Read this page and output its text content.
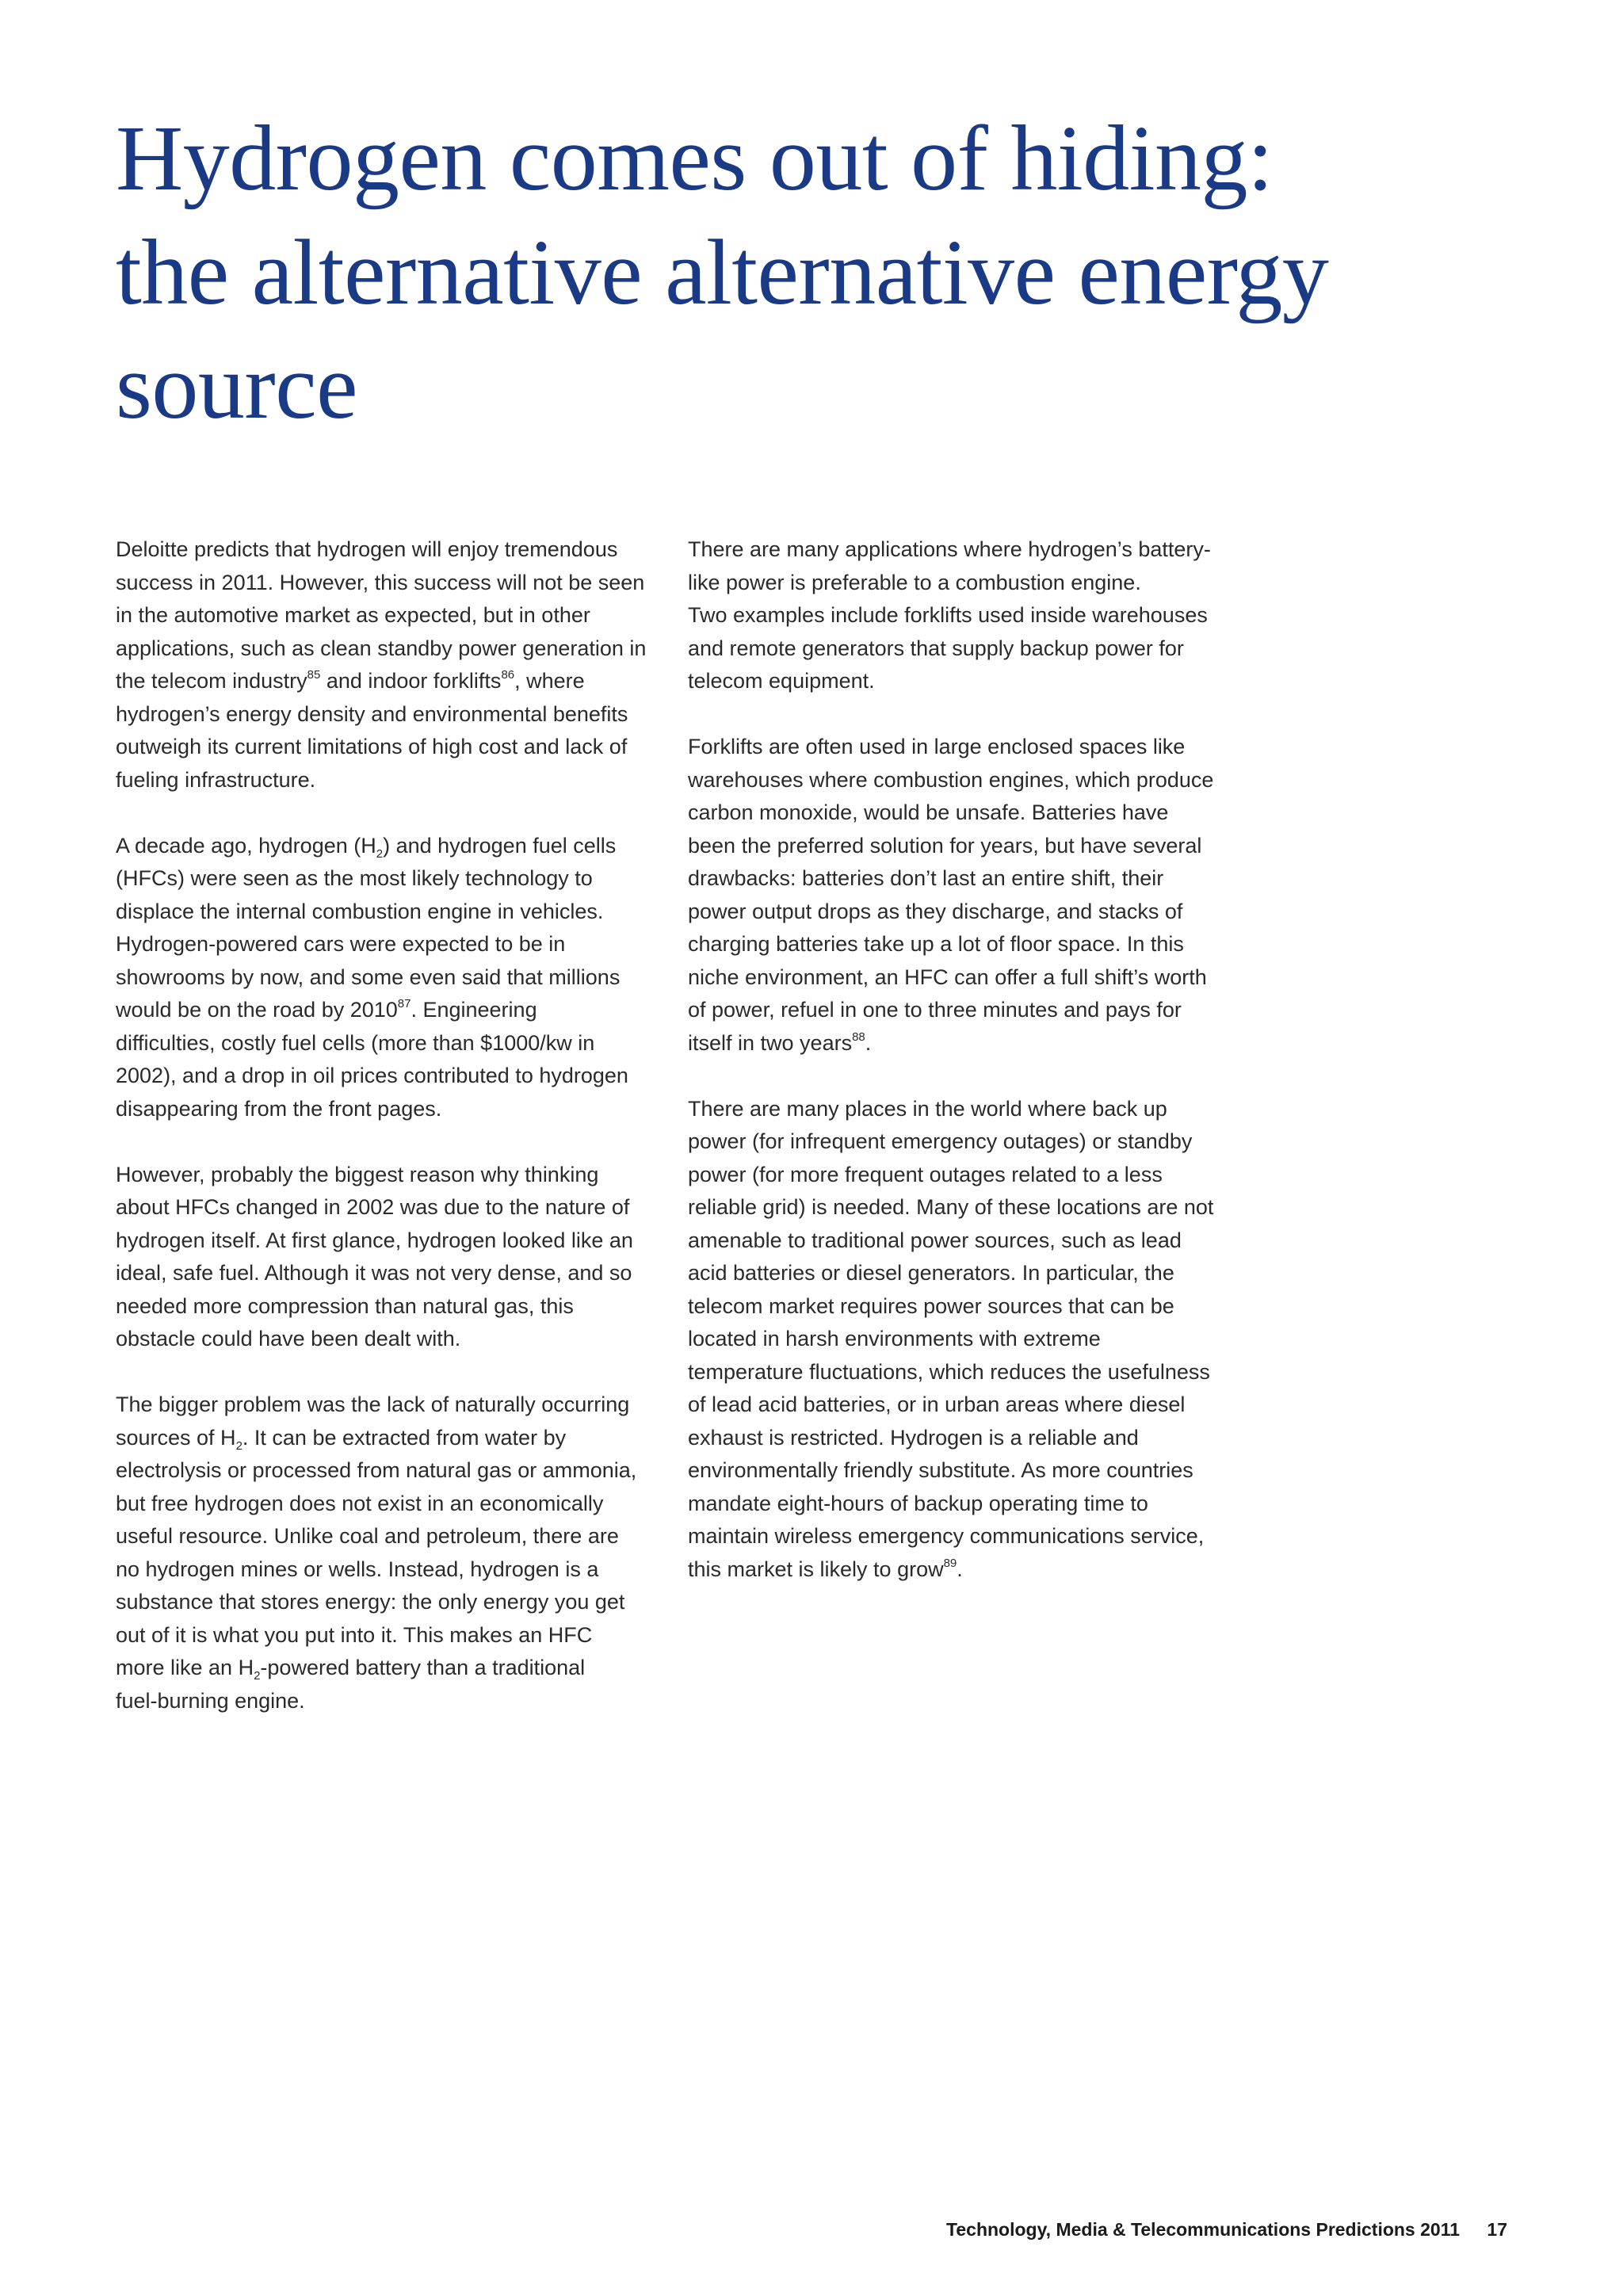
Hydrogen comes out of hiding:
the alternative alternative energy
source

Deloitte predicts that hydrogen will enjoy tremendous
success in 2011. However, this success will not be seen
in the automotive market as expected, but in other
applications, such as clean standby power generation in
the telecom industry$^{85}$ and indoor forklifts$^{86}$, where
hydrogen’s energy density and environmental benefits
outweigh its current limitations of high cost and lack of
fueling infrastructure.

A decade ago, hydrogen $(H_2)$ and hydrogen fuel cells
(HFCs) were seen as the most likely technology to
displace the internal combustion engine in vehicles.
Hydrogen-powered cars were expected to be in
showrooms by now, and some even said that millions
would be on the road by 2010$^{87}$. Engineering
difficulties, costly fuel cells (more than $1000/kw in
2002), and a drop in oil prices contributed to hydrogen
disappearing from the front pages.

However, probably the biggest reason why thinking
about HFCs changed in 2002 was due to the nature of
hydrogen itself. At first glance, hydrogen looked like an
ideal, safe fuel. Although it was not very dense, and so
needed more compression than natural gas, this
obstacle could have been dealt with.

The bigger problem was the lack of naturally occurring
sources of $H_2$. It can be extracted from water by
electrolysis or processed from natural gas or ammonia,
but free hydrogen does not exist in an economically
useful resource. Unlike coal and petroleum, there are
no hydrogen mines or wells. Instead, hydrogen is a
substance that stores energy: the only energy you get
out of it is what you put into it. This makes an HFC
more like an $H_2$-powered battery than a traditional
fuel-burning engine.

There are many applications where hydrogen’s battery-
like power is preferable to a combustion engine.
Two examples include forklifts used inside warehouses
and remote generators that supply backup power for
telecom equipment.

Forklifts are often used in large enclosed spaces like
warehouses where combustion engines, which produce
carbon monoxide, would be unsafe. Batteries have
been the preferred solution for years, but have several
drawbacks: batteries don’t last an entire shift, their
power output drops as they discharge, and stacks of
charging batteries take up a lot of floor space. In this
niche environment, an HFC can offer a full shift’s worth
of power, refuel in one to three minutes and pays for
itself in two years$^{88}$.

There are many places in the world where back up
power (for infrequent emergency outages) or standby
power (for more frequent outages related to a less
reliable grid) is needed. Many of these locations are not
amenable to traditional power sources, such as lead
acid batteries or diesel generators. In particular, the
telecom market requires power sources that can be
located in harsh environments with extreme
temperature fluctuations, which reduces the usefulness
of lead acid batteries, or in urban areas where diesel
exhaust is restricted. Hydrogen is a reliable and
environmentally friendly substitute. As more countries
mandate eight-hours of backup operating time to
maintain wireless emergency communications service,
this market is likely to grow$^{89}$.

Technology, Media & Telecommunications Predictions 2011 17
